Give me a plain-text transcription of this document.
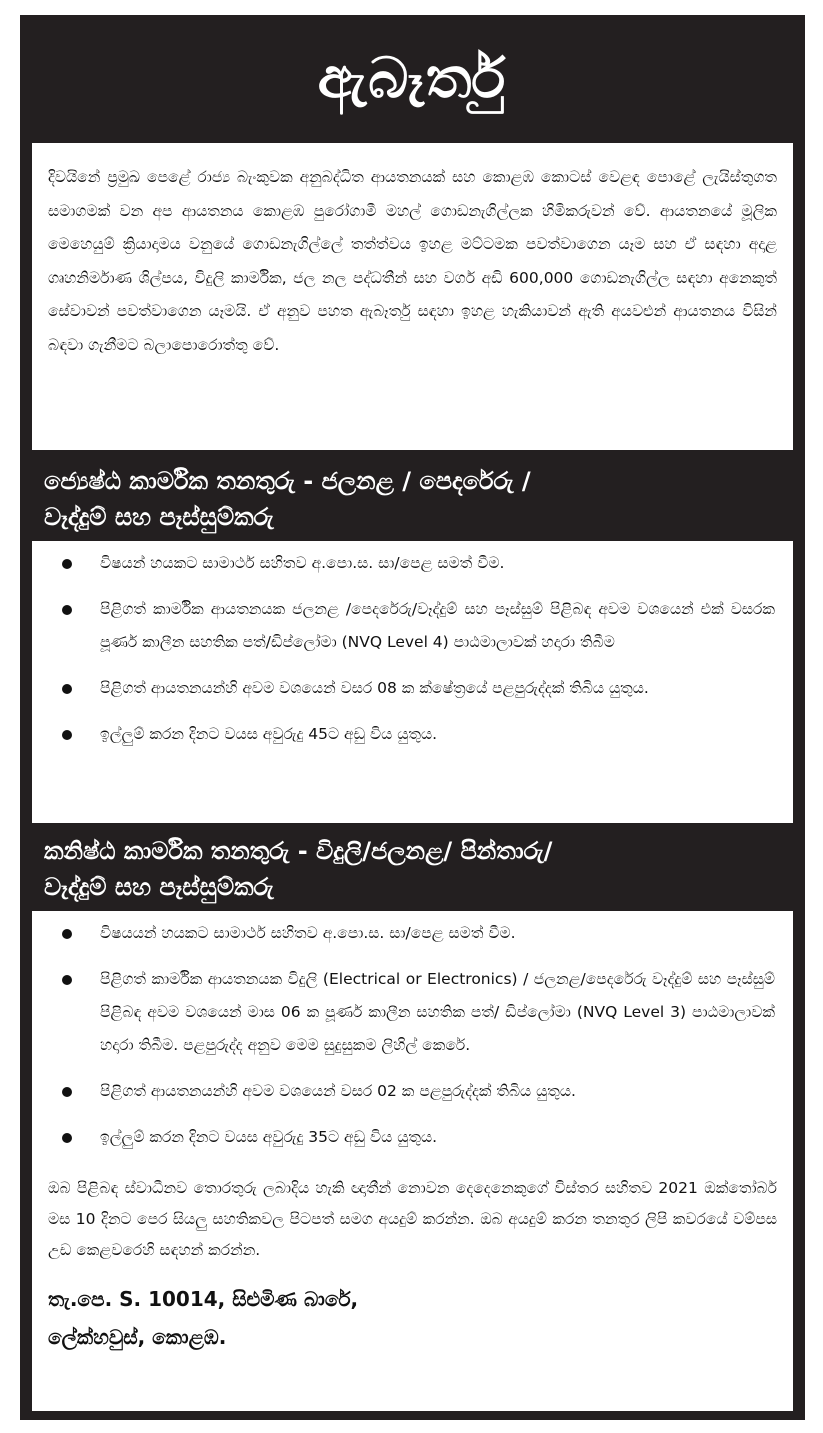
ඇබෑර්තු

දිවයිනේ ප්‍රමුඛ පෙළේ රාජ්‍ය බැංකුවක අනුබද්ධිත ආයතනයක් සහ කොළඹ කොටස් වෙළඳ පොළේ ලැයිස්තුගත සමාගමක් වන අප ආයතනය කොළඹ පුරෝගාමී මහල් ගොඩනැගිල්ලක හිමිකරුවන් වේ. ආයතනයේ මූලික මෙහෙයුම් ක්‍රියාදාමය වනුයේ ගොඩනැගිල්ලේ තත්ත්වය ඉහළ මට්ටමක පවත්වාගෙන යෑම සහ ඒ සඳහා අදාළ ගෘහනිර්මාණ ශිල්පය, විදුලි කාර්මික, ජල නල පද්ධතීන් සහ වර්ග අඩි 600,000 ගොඩනැගිල්ල සඳහා අනෙකුත් සේවාවන් පවත්වාගෙන යෑමයි. ඒ අනුව පහත ඇබෑර්තු සඳහා ඉහළ හැකියාවන් ඇති අයවළුන් ආයතනය විසින් බඳවා ගැනීමට බලාපොරොත්තු වේ.

ජ්‍යෙෂ්ඨ කාර්මික තනතුරු - ජලනළ / පෙදරේරු /
වෑද්දුම් සහ පෑස්සුම්කරු
විෂයන් හයකට සාමාර්ථ සහිතව අ.පො.ස. සා/පෙළ සමත් වීම.
පිළිගත් කාර්මික ආයතනයක ජලනළ /පෙදරේරු/වෑද්දුම් සහ පෑස්සුම් පිළිබඳ අවම වශයෙන් එක් වසරක පූර්ණ කාලීන සහතික පත්/ඩිප්ලෝමා (NVQ Level 4) පාඨමාලාවක් හදාරා තිබීම
පිළිගත් ආයතනයන්හි අවම වශයෙන් වසර 08 ක ක්ෂේත්‍රයේ පළපුරුද්දක් තිබිය යුතුය.
ඉල්ලුම් කරන දිනට වයස අවුරුදු 45ට අඩු විය යුතුය.
කනිෂ්ඨ කාර්මික තනතුරු - විදුලි/ජලනළ/ පින්තාරු/
වෑද්දුම් සහ පෑස්සුම්කරු
විෂයයන් හයකට සාමාර්ථ සහිතව අ.පො.ස. සා/පෙළ සමත් වීම.
පිළිගත් කාර්මික ආයතනයක විදුලි (Electrical or Electronics) / ජලනළ/පෙදරේරු වෑද්දුම් සහ පෑස්සුම් පිළිබඳ අවම වශයෙන් මාස 06 ක පූර්ණ කාලීන සහතික පත්/ ඩිප්ලෝමා (NVQ Level 3) පාඨමාලාවක් හදාරා තිබීම. පළපුරුද්ද අනුව මෙම සුදුසුකම ලිහිල් කෙරේ.
පිළිගත් ආයතනයන්හි අවම වශයෙන් වසර 02 ක පළපුරුද්දක් තිබිය යුතුය.
ඉල්ලුම් කරන දිනට වයස අවුරුදු 35ට අඩු විය යුතුය.

ඔබ පිළිබඳ ස්වාධීනව තොරතුරු ලබාදිය හැකි ඥාතීන් නොවන දෙදෙනෙකුගේ විස්තර සහිතව 2021 ඔක්තෝබර් මස 10 දිනට පෙර සියලු සහතිකවල පිටපත් සමග අයදුම් කරන්න. ඔබ අයදුම් කරන තනතුර ලිපි කවරයේ වම්පස උඩ කෙළවරෙහි සඳහන් කරන්න.

තැ.පෙ. S. 10014, සිළුමිණ බාරේ,
ලේක්හවුස්, කොළඹ.
